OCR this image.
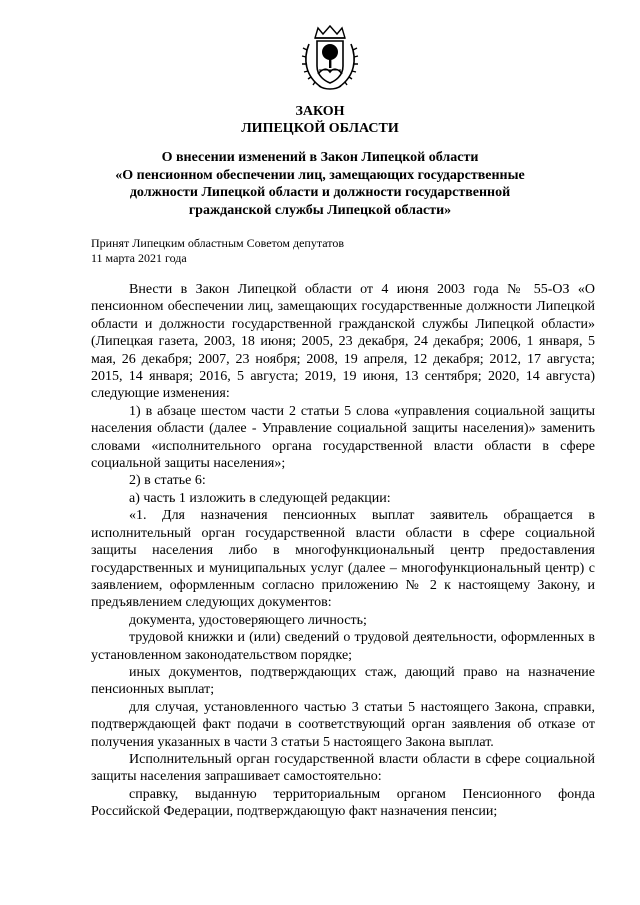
ЗАКОН
ЛИПЕЦКОЙ ОБЛАСТИ
О внесении изменений в Закон Липецкой области
«О пенсионном обеспечении лиц, замещающих государственные
должности Липецкой области и должности государственной
гражданской службы Липецкой области»
Принят Липецким областным Советом депутатов
11 марта 2021 года

Внести в Закон Липецкой области от 4 июня 2003 года № 55-ОЗ «О пенсионном обеспечении лиц, замещающих государственные должности Липецкой области и должности государственной гражданской службы Липецкой области» (Липецкая газета, 2003, 18 июня; 2005, 23 декабря, 24 декабря; 2006, 1 января, 5 мая, 26 декабря; 2007, 23 ноября; 2008, 19 апреля, 12 декабря; 2012, 17 августа; 2015, 14 января; 2016, 5 августа; 2019, 19 июня, 13 сентября; 2020, 14 августа) следующие изменения:

1) в абзаце шестом части 2 статьи 5 слова «управления социальной защиты населения области (далее - Управление социальной защиты населения)» заменить словами «исполнительного органа государственной власти области в сфере социальной защиты населения»;

2) в статье 6:

а) часть 1 изложить в следующей редакции:

«1. Для назначения пенсионных выплат заявитель обращается в исполнительный орган государственной власти области в сфере социальной защиты населения либо в многофункциональный центр предоставления государственных и муниципальных услуг (далее – многофункциональный центр) с заявлением, оформленным согласно приложению № 2 к настоящему Закону, и предъявлением следующих документов:

документа, удостоверяющего личность;

трудовой книжки и (или) сведений о трудовой деятельности, оформленных в установленном законодательством порядке;

иных документов, подтверждающих стаж, дающий право на назначение пенсионных выплат;

для случая, установленного частью 3 статьи 5 настоящего Закона, справки, подтверждающей факт подачи в соответствующий орган заявления об отказе от получения указанных в части 3 статьи 5 настоящего Закона выплат.

Исполнительный орган государственной власти области в сфере социальной защиты населения запрашивает самостоятельно:

справку, выданную территориальным органом Пенсионного фонда Российской Федерации, подтверждающую факт назначения пенсии;
